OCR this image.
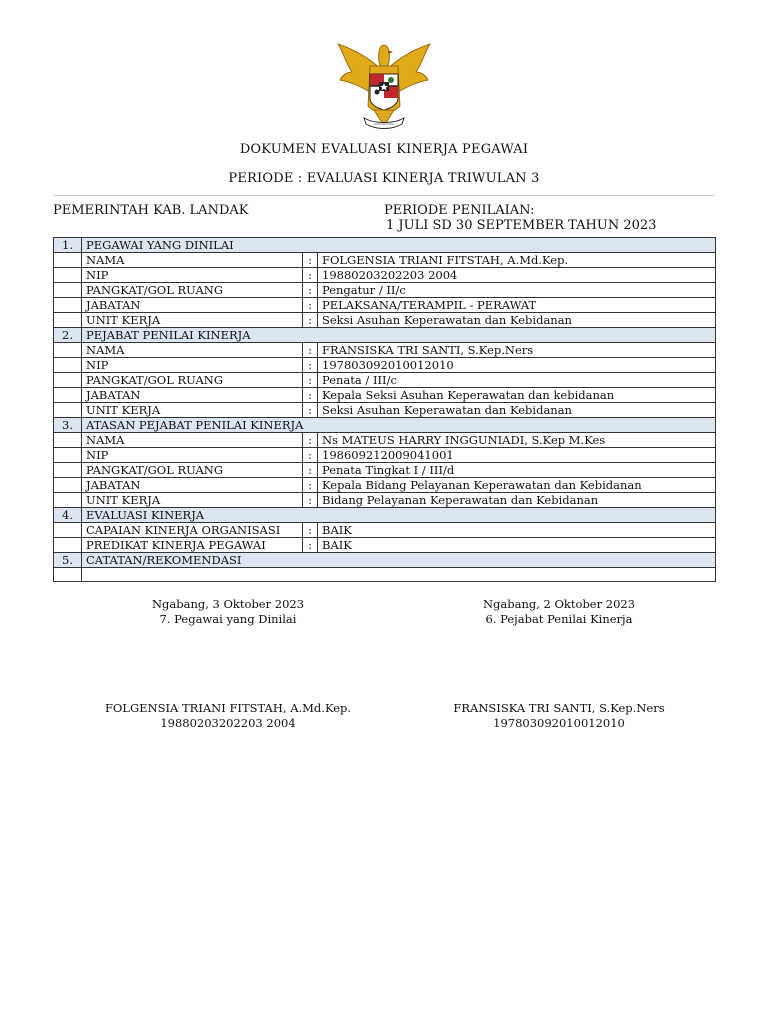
DOKUMEN EVALUASI KINERJA PEGAWAI
PERIODE : EVALUASI KINERJA TRIWULAN 3
PEMERINTAH KAB. LANDAK	PERIODE PENILAIAN:
1 JULI SD 30 SEPTEMBER TAHUN 2023
1.	PEGAWAI YANG DINILAI		
	NAMA	:	FOLGENSIA TRIANI FITSTAH, A.Md.Kep.
	NIP	:	19880203202203 2004
	PANGKAT/GOL RUANG	:	Pengatur / II/c
	JABATAN	:	PELAKSANA/TERAMPIL - PERAWAT
	UNIT KERJA	:	Seksi Asuhan Keperawatan dan Kebidanan
2.	PEJABAT PENILAI KINERJA		
	NAMA	:	FRANSISKA TRI SANTI, S.Kep.Ners
	NIP	:	197803092010012010
	PANGKAT/GOL RUANG	:	Penata / III/c
	JABATAN	:	Kepala Seksi Asuhan Keperawatan dan kebidanan
	UNIT KERJA	:	Seksi Asuhan Keperawatan dan Kebidanan
3.	ATASAN PEJABAT PENILAI KINERJA		
	NAMA	:	Ns MATEUS HARRY INGGUNIADI, S.Kep M.Kes
	NIP	:	198609212009041001
	PANGKAT/GOL RUANG	:	Penata Tingkat I / III/d
	JABATAN	:	Kepala Bidang Pelayanan Keperawatan dan Kebidanan
	UNIT KERJA	:	Bidang Pelayanan Keperawatan dan Kebidanan
4.	EVALUASI KINERJA		
	CAPAIAN KINERJA ORGANISASI	:	BAIK
	PREDIKAT KINERJA PEGAWAI	:	BAIK
5.	CATATAN/REKOMENDASI		

Ngabang, 3 Oktober 2023
7. Pegawai yang Dinilai
Ngabang, 2 Oktober 2023
6. Pejabat Penilai Kinerja
FOLGENSIA TRIANI FITSTAH, A.Md.Kep.
19880203202203 2004
FRANSISKA TRI SANTI, S.Kep.Ners
197803092010012010
